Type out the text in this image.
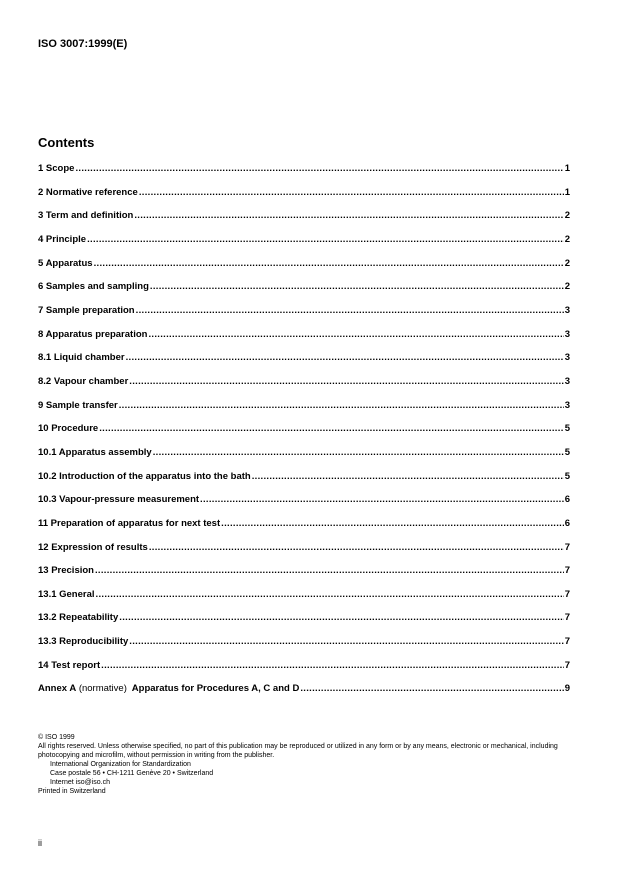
ISO 3007:1999(E)
Contents
1 Scope .....	1
2 Normative reference .....	1
3 Term and definition .....	2
4 Principle .....	2
5 Apparatus .....	2
6 Samples and sampling .....	2
7 Sample preparation .....	3
8 Apparatus preparation .....	3
8.1 Liquid chamber .....	3
8.2 Vapour chamber .....	3
9 Sample transfer .....	3
10 Procedure .....	5
10.1 Apparatus assembly .....	5
10.2 Introduction of the apparatus into the bath .....	5
10.3 Vapour-pressure measurement .....	6
11 Preparation of apparatus for next test .....	6
12 Expression of results .....	7
13 Precision .....	7
13.1 General .....	7
13.2 Repeatability .....	7
13.3 Reproducibility .....	7
14 Test report .....	7
Annex A (normative)  Apparatus for Procedures A, C and D .....	9

© ISO 1999

All rights reserved. Unless otherwise specified, no part of this publication may be reproduced or utilized in any form or by any means, electronic or mechanical, including photocopying and microfilm, without permission in writing from the publisher.

International Organization for Standardization

Case postale 56 • CH-1211 Genève 20 • Switzerland

Internet iso@iso.ch

Printed in Switzerland

ii
